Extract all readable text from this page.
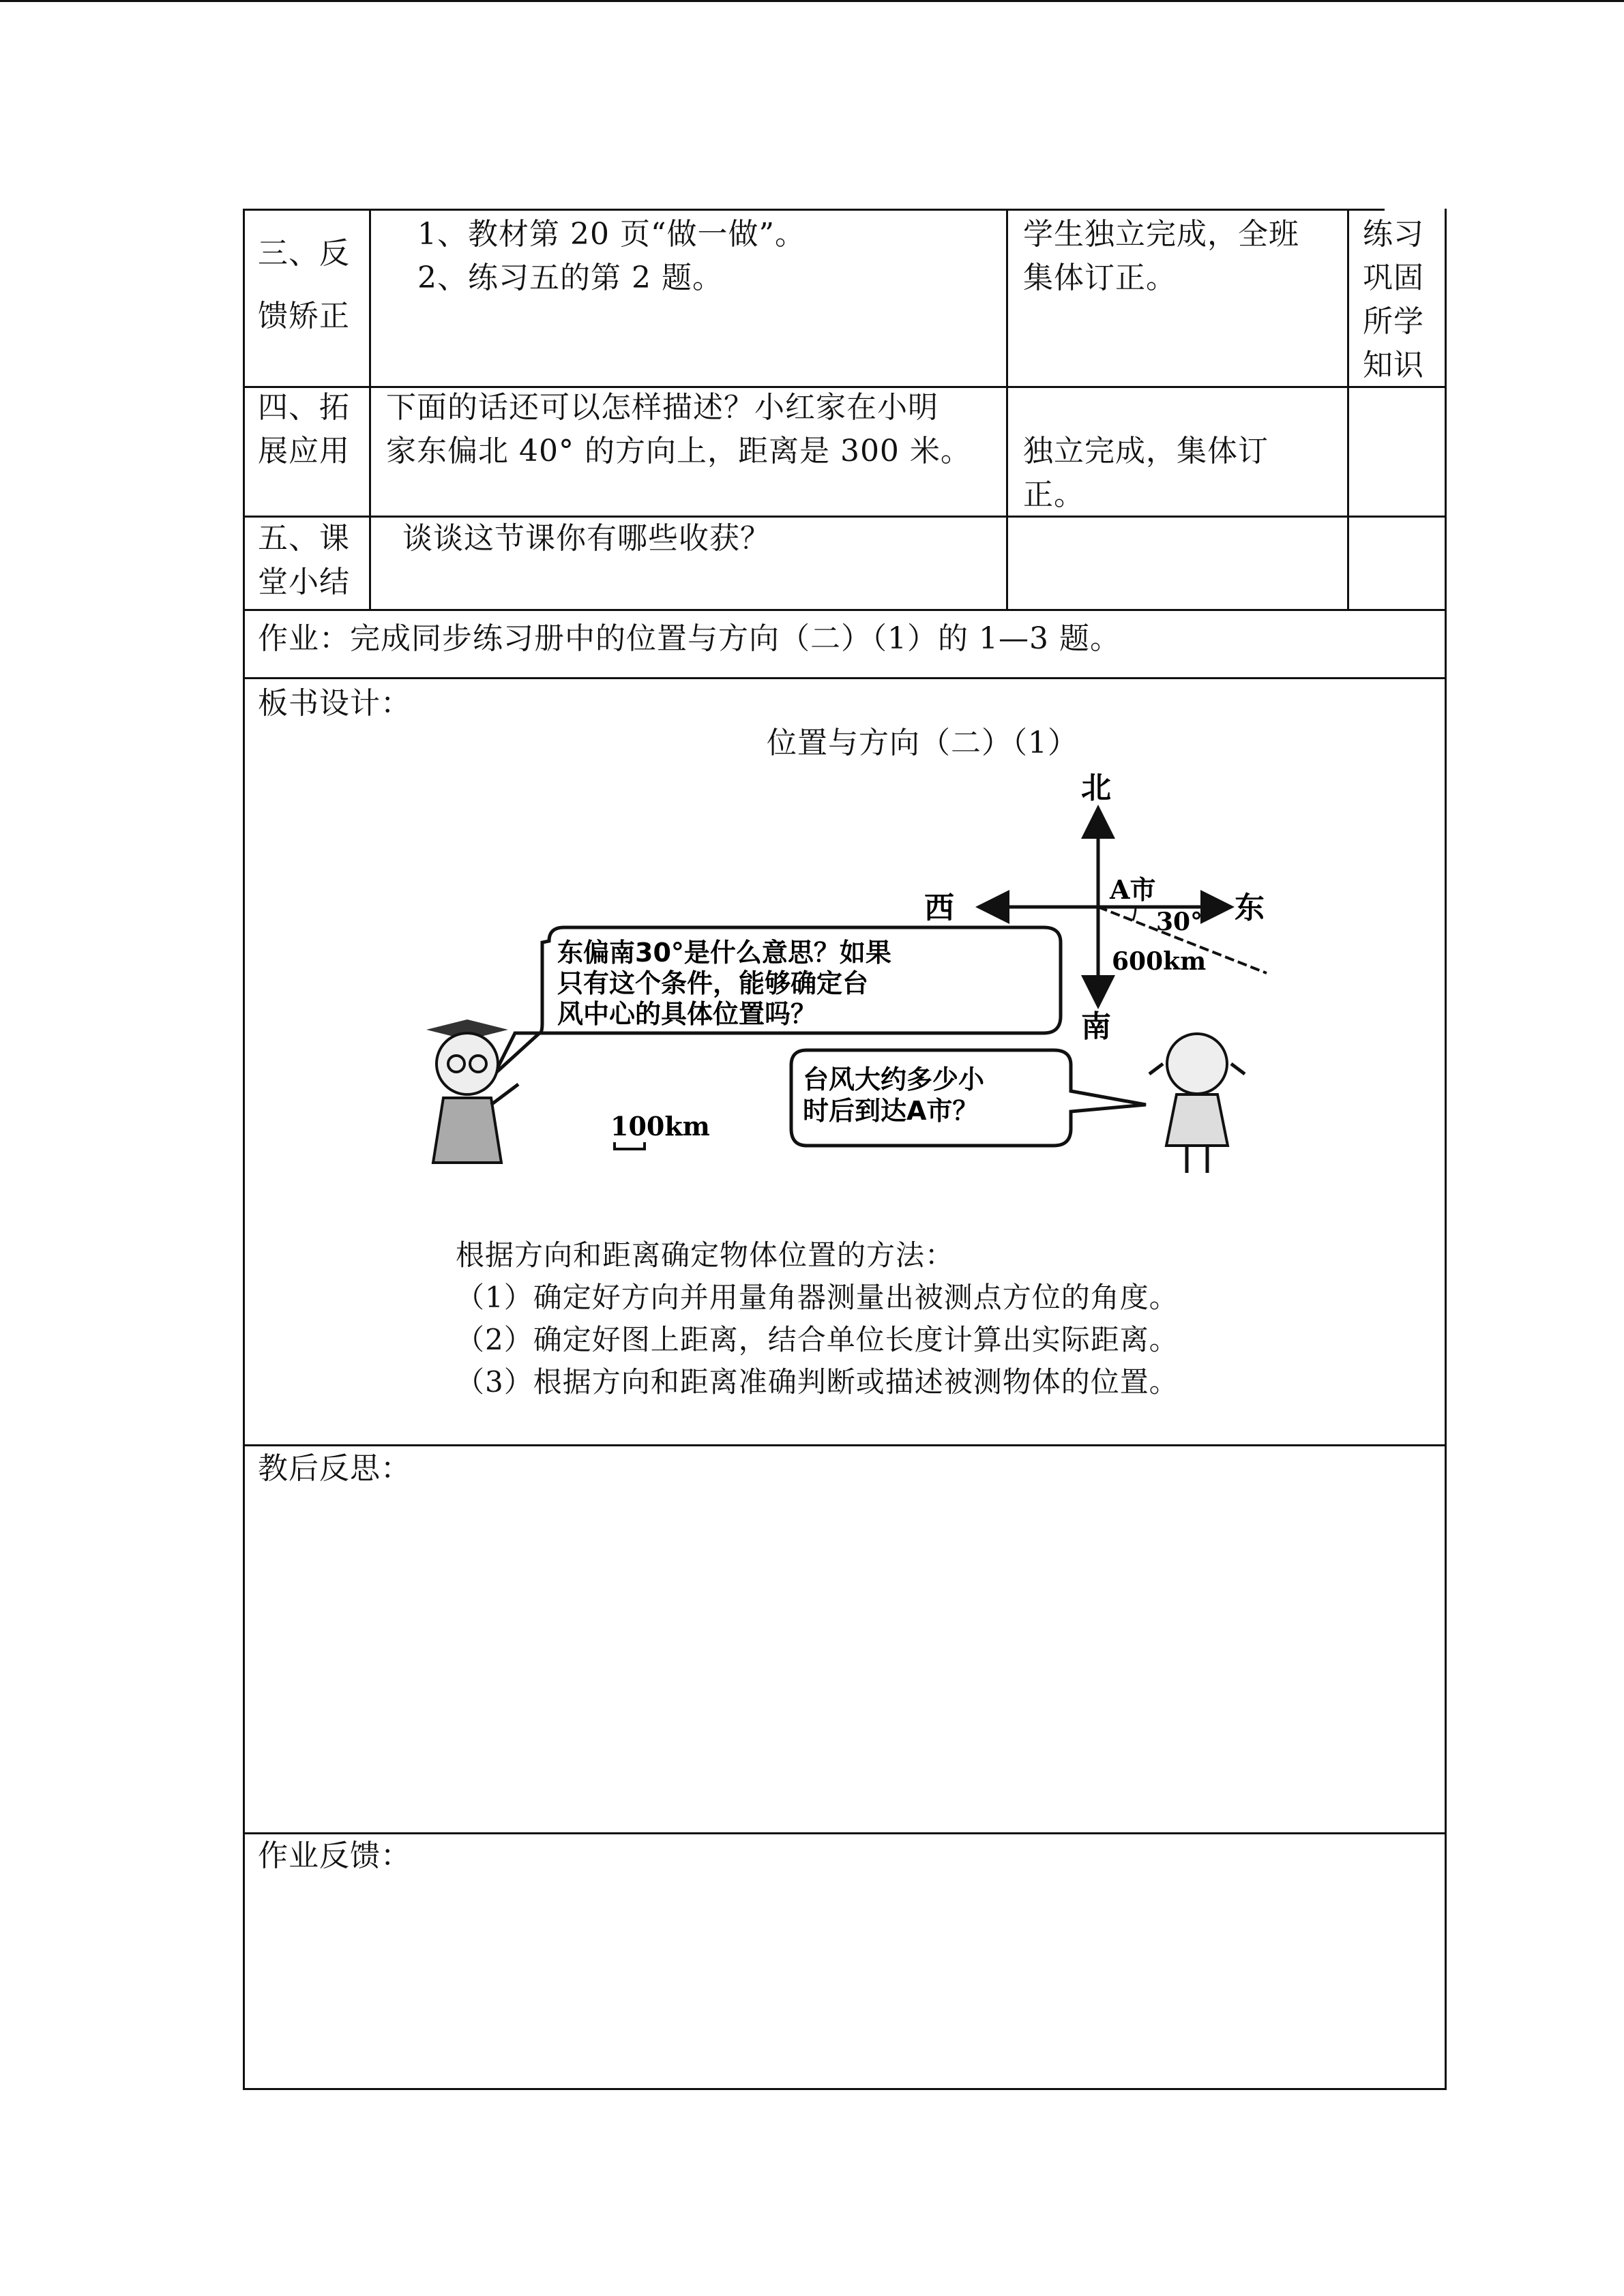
三、反

馈矫正

1、教材第 20 页“做一做”。

2、练习五的第 2 题。

学生独立完成，全班

集体订正。

练习

巩固

所学

知识

四、拓

展应用

下面的话还可以怎样描述？小红家在小明

家东偏北 40° 的方向上，距离是 300 米。 独立完成，集体订

正。

五、课

堂小结

谈谈这节课你有哪些收获？

作业：完成同步练习册中的位置与方向（二）（1）的 1—3 题。
板书设计：
位置与方向（二）（1）
北
南
西	东
A市
30°
600km
东偏南30°是什么意思？如果
只有这个条件，能够确定台
风中心的具体位置吗？
100km
台风大约多少小
时后到达A市？

根据方向和距离确定物体位置的方法：

（1）确定好方向并用量角器测量出被测点方位的角度。

（2）确定好图上距离，结合单位长度计算出实际距离。

（3）根据方向和距离准确判断或描述被测物体的位置。

教后反思：
作业反馈：
